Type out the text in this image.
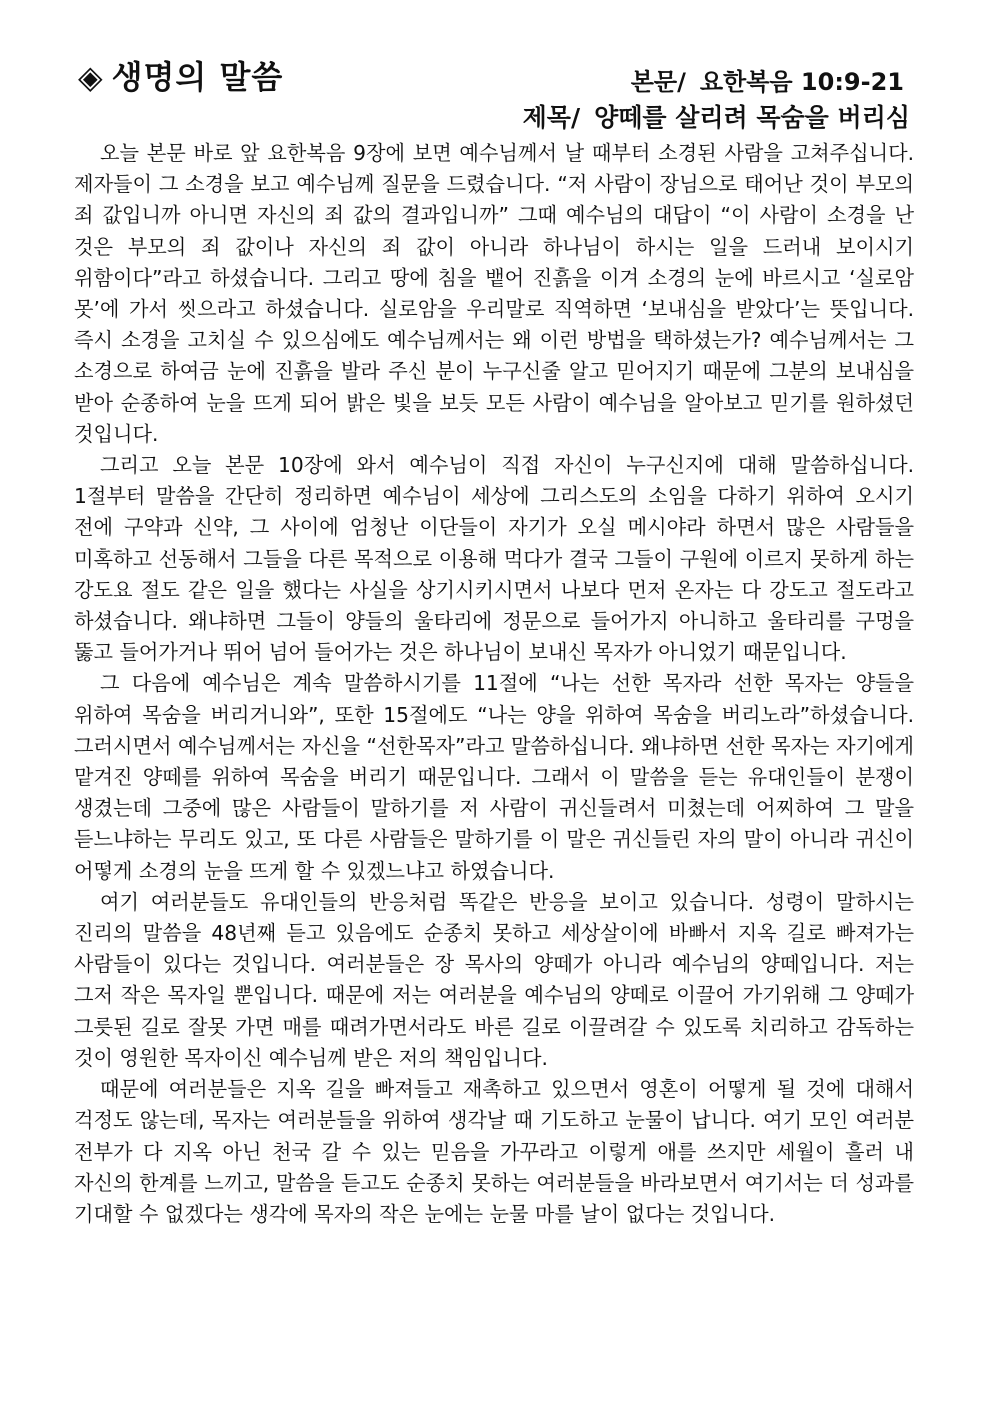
◈ 생명의 말씀	본문/ 요한복음 10:9-21
제목/ 양떼를 살리려 목숨을 버리심

오늘 본문 바로 앞 요한복음 9장에 보면 예수님께서 날 때부터 소경된 사람을 고쳐주십니다. 제자들이 그 소경을 보고 예수님께 질문을 드렸습니다. “저 사람이 장님으로 태어난 것이 부모의 죄 값입니까 아니면 자신의 죄 값의 결과입니까” 그때 예수님의 대답이 “이 사람이 소경을 난 것은 부모의 죄 값이나 자신의 죄 값이 아니라 하나님이 하시는 일을 드러내 보이시기 위함이다”라고 하셨습니다. 그리고 땅에 침을 뱉어 진흙을 이겨 소경의 눈에 바르시고 ‘실로암 못’에 가서 씻으라고 하셨습니다. 실로암을 우리말로 직역하면 ‘보내심을 받았다’는 뜻입니다. 즉시 소경을 고치실 수 있으심에도 예수님께서는 왜 이런 방법을 택하셨는가? 예수님께서는 그 소경으로 하여금 눈에 진흙을 발라 주신 분이 누구신줄 알고 믿어지기 때문에 그분의 보내심을 받아 순종하여 눈을 뜨게 되어 밝은 빛을 보듯 모든 사람이 예수님을 알아보고 믿기를 원하셨던 것입니다.

그리고 오늘 본문 10장에 와서 예수님이 직접 자신이 누구신지에 대해 말씀하십니다. 1절부터 말씀을 간단히 정리하면 예수님이 세상에 그리스도의 소임을 다하기 위하여 오시기 전에 구약과 신약, 그 사이에 엄청난 이단들이 자기가 오실 메시야라 하면서 많은 사람들을 미혹하고 선동해서 그들을 다른 목적으로 이용해 먹다가 결국 그들이 구원에 이르지 못하게 하는 강도요 절도 같은 일을 했다는 사실을 상기시키시면서 나보다 먼저 온자는 다 강도고 절도라고 하셨습니다. 왜냐하면 그들이 양들의 울타리에 정문으로 들어가지 아니하고 울타리를 구멍을 뚫고 들어가거나 뛰어 넘어 들어가는 것은 하나님이 보내신 목자가 아니었기 때문입니다.

그 다음에 예수님은 계속 말씀하시기를 11절에 “나는 선한 목자라 선한 목자는 양들을 위하여 목숨을 버리거니와”, 또한 15절에도 “나는 양을 위하여 목숨을 버리노라”하셨습니다. 그러시면서 예수님께서는 자신을 “선한목자”라고 말씀하십니다. 왜냐하면 선한 목자는 자기에게 맡겨진 양떼를 위하여 목숨을 버리기 때문입니다. 그래서 이 말씀을 듣는 유대인들이 분쟁이 생겼는데 그중에 많은 사람들이 말하기를 저 사람이 귀신들려서 미쳤는데 어찌하여 그 말을 듣느냐하는 무리도 있고, 또 다른 사람들은 말하기를 이 말은 귀신들린 자의 말이 아니라 귀신이 어떻게 소경의 눈을 뜨게 할 수 있겠느냐고 하였습니다.

여기 여러분들도 유대인들의 반응처럼 똑같은 반응을 보이고 있습니다. 성령이 말하시는 진리의 말씀을 48년째 듣고 있음에도 순종치 못하고 세상살이에 바빠서 지옥 길로 빠져가는 사람들이 있다는 것입니다. 여러분들은 장 목사의 양떼가 아니라 예수님의 양떼입니다. 저는 그저 작은 목자일 뿐입니다. 때문에 저는 여러분을 예수님의 양떼로 이끌어 가기위해 그 양떼가 그릇된 길로 잘못 가면 매를 때려가면서라도 바른 길로 이끌려갈 수 있도록 치리하고 감독하는 것이 영원한 목자이신 예수님께 받은 저의 책임입니다.

때문에 여러분들은 지옥 길을 빠져들고 재촉하고 있으면서 영혼이 어떻게 될 것에 대해서 걱정도 않는데, 목자는 여러분들을 위하여 생각날 때 기도하고 눈물이 납니다. 여기 모인 여러분 전부가 다 지옥 아닌 천국 갈 수 있는 믿음을 가꾸라고 이렇게 애를 쓰지만 세월이 흘러 내 자신의 한계를 느끼고, 말씀을 듣고도 순종치 못하는 여러분들을 바라보면서 여기서는 더 성과를 기대할 수 없겠다는 생각에 목자의 작은 눈에는 눈물 마를 날이 없다는 것입니다.
